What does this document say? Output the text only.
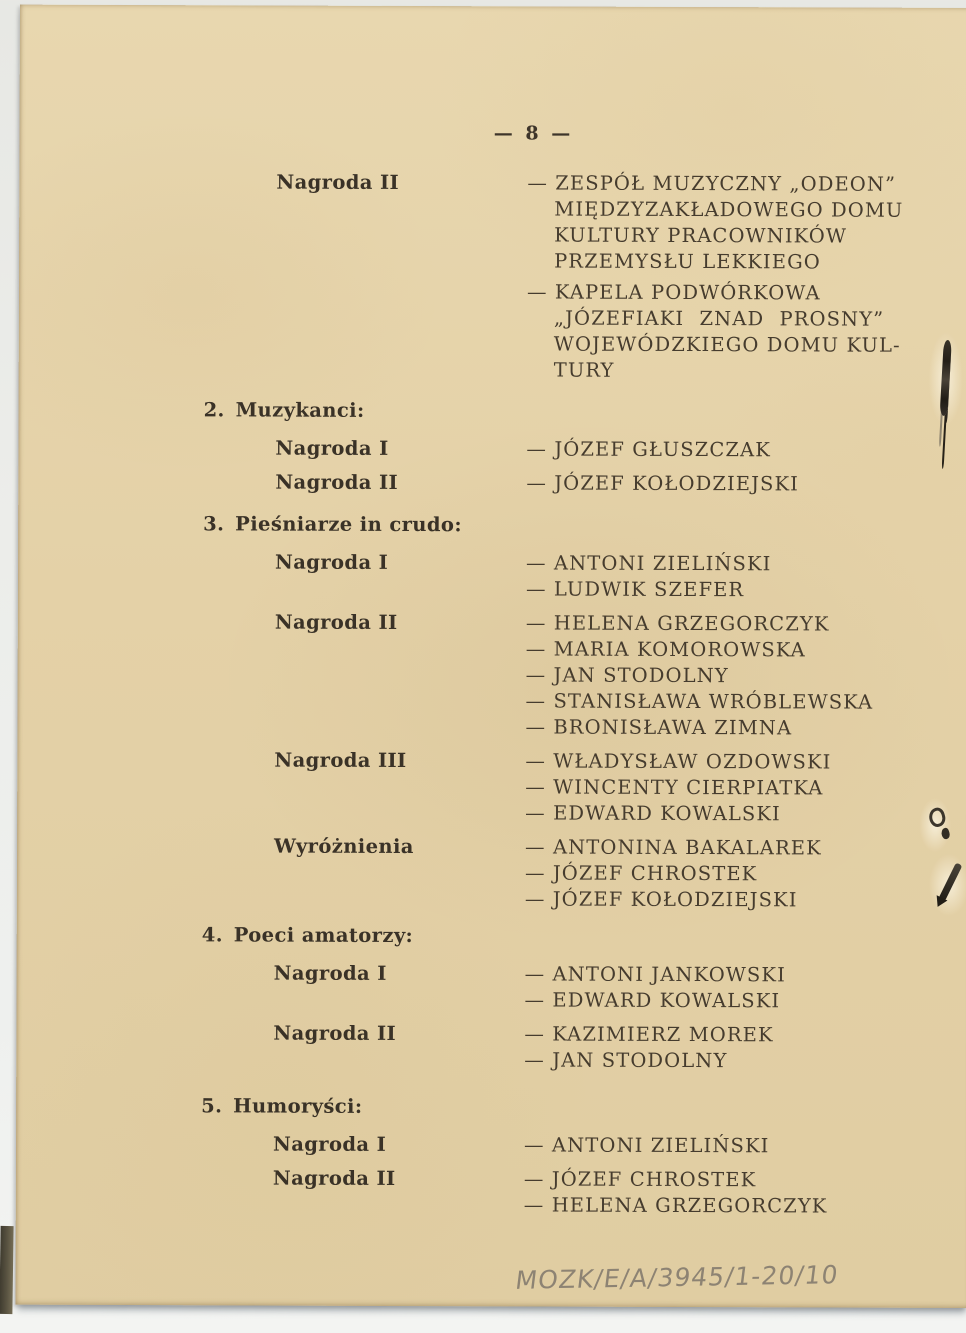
— 8 —
Nagroda II	— ZESPÓŁ MUZYCZNY „ODEON”
MIĘDZYZAKŁADOWEGO DOMU
KULTURY PRACOWNIKÓW
PRZEMYSŁU LEKKIEGO
— KAPELA PODWÓRKOWA
„JÓZEFIAKI ZNAD PROSNY”
WOJEWÓDZKIEGO DOMU KUL-
TURY
2. Muzykanci:
Nagroda I	— JÓZEF GŁUSZCZAK
Nagroda II	— JÓZEF KOŁODZIEJSKI
3. Pieśniarze in crudo:
Nagroda I	— ANTONI ZIELIŃSKI
— LUDWIK SZEFER
Nagroda II	— HELENA GRZEGORCZYK
— MARIA KOMOROWSKA
— JAN STODOLNY
— STANISŁAWA WRÓBLEWSKA
— BRONISŁAWA ZIMNA
Nagroda III	— WŁADYSŁAW OZDOWSKI
— WINCENTY CIERPIATKA
— EDWARD KOWALSKI
Wyróżnienia	— ANTONINA BAKALAREK
— JÓZEF CHROSTEK
— JÓZEF KOŁODZIEJSKI
4. Poeci amatorzy:
Nagroda I	— ANTONI JANKOWSKI
— EDWARD KOWALSKI
Nagroda II	— KAZIMIERZ MOREK
— JAN STODOLNY
5. Humoryści:
Nagroda I	— ANTONI ZIELIŃSKI
Nagroda II	— JÓZEF CHROSTEK
— HELENA GRZEGORCZYK
MOZK/E/A/3945/1-20/10
